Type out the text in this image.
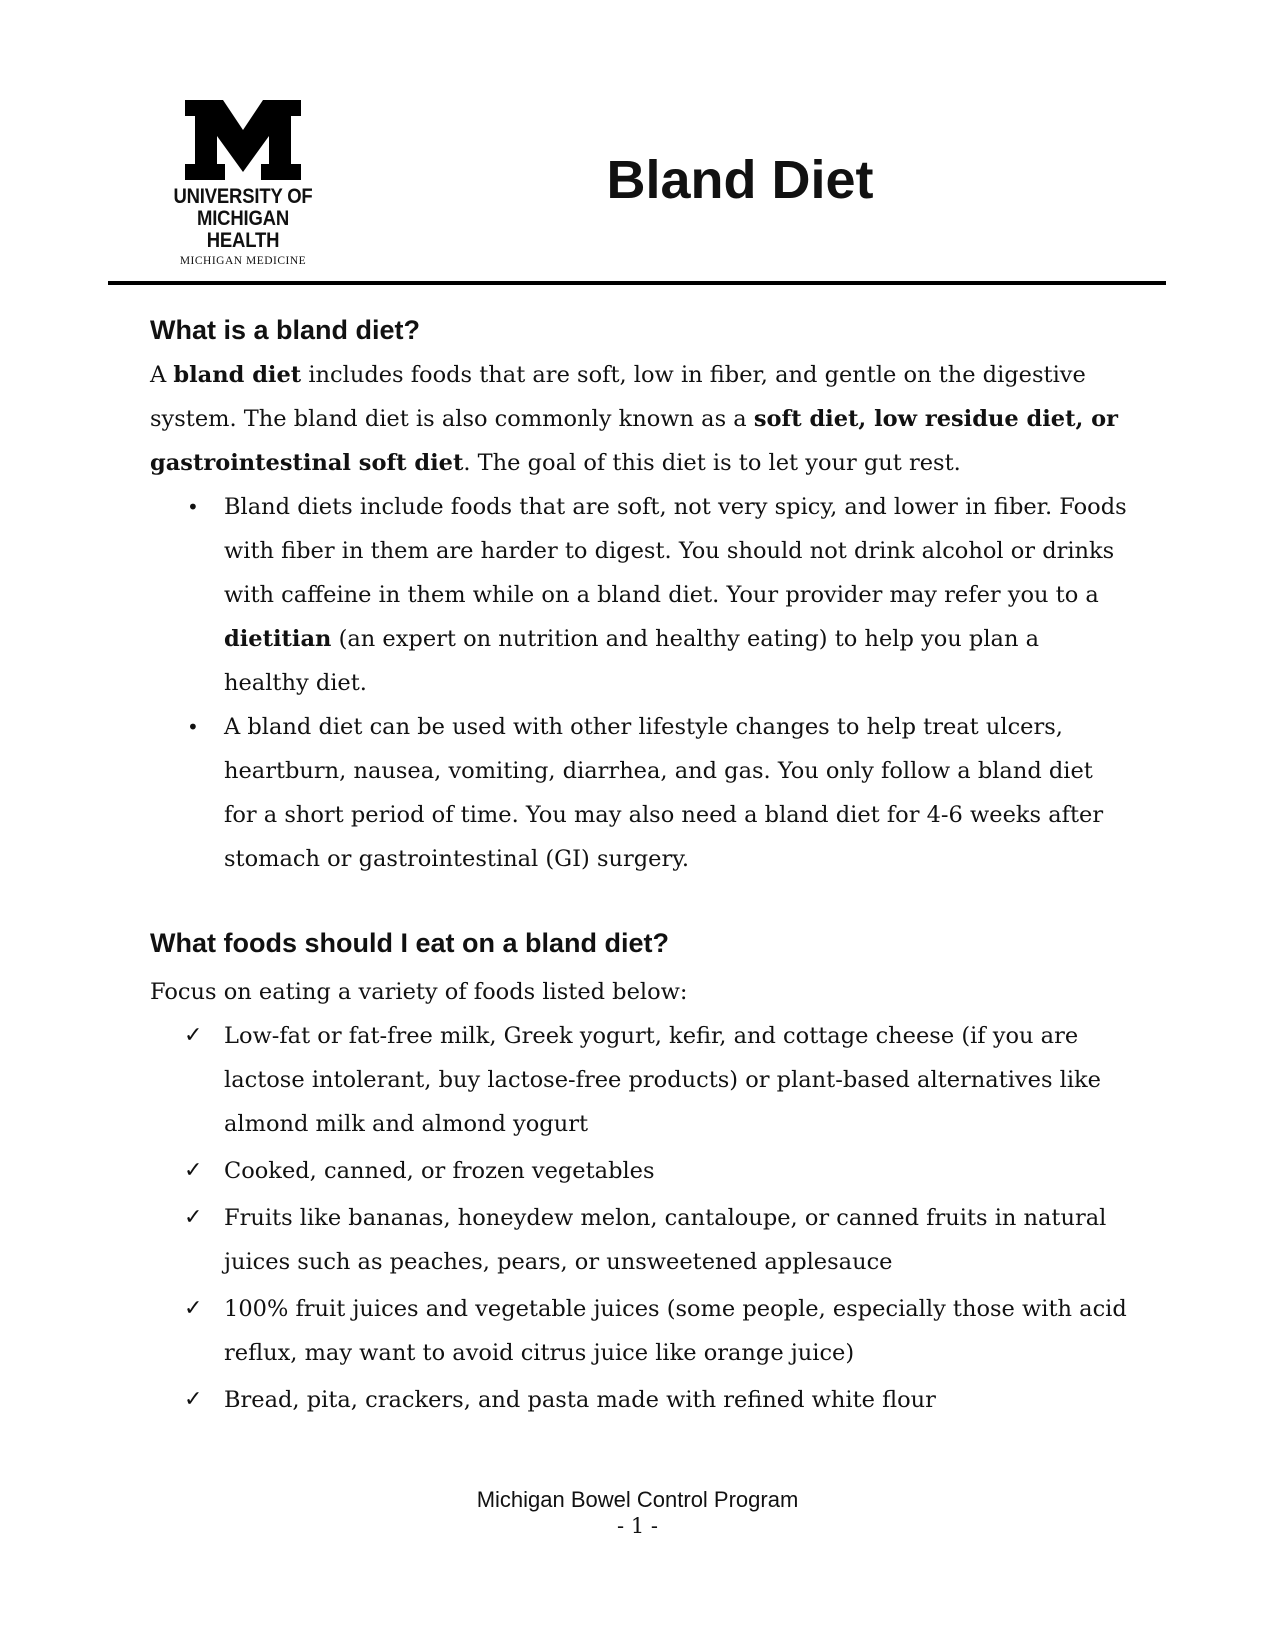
UNIVERSITY OF
MICHIGAN HEALTH
MICHIGAN MEDICINE
Bland Diet
What is a bland diet?

A bland diet includes foods that are soft, low in fiber, and gentle on the digestive system. The bland diet is also commonly known as a soft diet, low residue diet, or gastrointestinal soft diet. The goal of this diet is to let your gut rest.

• Bland diets include foods that are soft, not very spicy, and lower in fiber. Foods with fiber in them are harder to digest. You should not drink alcohol or drinks with caffeine in them while on a bland diet. Your provider may refer you to a dietitian (an expert on nutrition and healthy eating) to help you plan a healthy diet.
• A bland diet can be used with other lifestyle changes to help treat ulcers, heartburn, nausea, vomiting, diarrhea, and gas. You only follow a bland diet for a short period of time. You may also need a bland diet for 4-6 weeks after stomach or gastrointestinal (GI) surgery.
What foods should I eat on a bland diet?

Focus on eating a variety of foods listed below:

✓ Low-fat or fat-free milk, Greek yogurt, kefir, and cottage cheese (if you are lactose intolerant, buy lactose-free products) or plant-based alternatives like almond milk and almond yogurt
✓ Cooked, canned, or frozen vegetables
✓ Fruits like bananas, honeydew melon, cantaloupe, or canned fruits in natural juices such as peaches, pears, or unsweetened applesauce
✓ 100% fruit juices and vegetable juices (some people, especially those with acid reflux, may want to avoid citrus juice like orange juice)
✓ Bread, pita, crackers, and pasta made with refined white flour
Michigan Bowel Control Program
- 1 -
